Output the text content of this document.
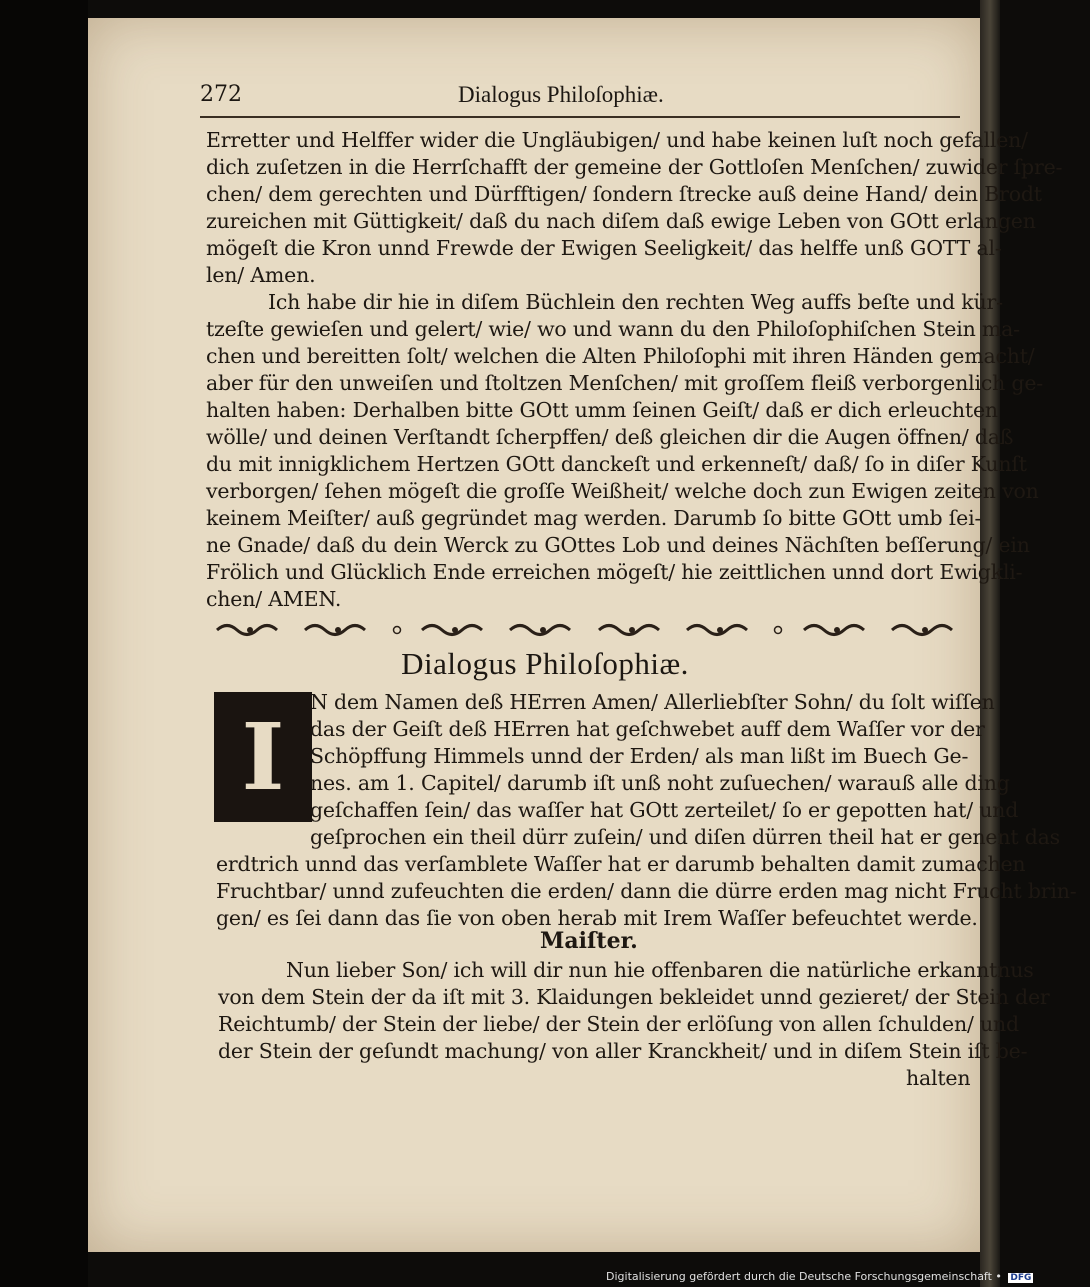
272	Dialogus Philoſophiæ.
Erretter und Helffer wider die Ungläubigen/ und habe keinen luſt noch gefallen/
dich zuſetzen in die Herrſchafft der gemeine der Gottloſen Menſchen/ zuwider ſpre-
chen/ dem gerechten und Dürfftigen/ ſondern ſtrecke auß deine Hand/ dein Brodt
zureichen mit Güttigkeit/ daß du nach diſem daß ewige Leben von GOtt erlangen
mögeſt die Kron unnd Frewde der Ewigen Seeligkeit/ das helffe unß GOTT al-
len/ Amen.
Ich habe dir hie in diſem Büchlein den rechten Weg auffs beſte und kür-
tzeſte gewieſen und gelert/ wie/ wo und wann du den Philoſophiſchen Stein ma-
chen und bereitten ſolt/ welchen die Alten Philoſophi mit ihren Händen gemacht/
aber für den unweiſen und ſtoltzen Menſchen/ mit groſſem fleiß verborgenlich ge-
halten haben: Derhalben bitte GOtt umm ſeinen Geiſt/ daß er dich erleuchten
wölle/ und deinen Verſtandt ſcherpffen/ deß gleichen dir die Augen öffnen/ daß
du mit innigklichem Hertzen GOtt danckeſt und erkenneſt/ daß/ ſo in diſer Kunſt
verborgen/ ſehen mögeſt die groſſe Weißheit/ welche doch zun Ewigen zeiten von
keinem Meiſter/ auß gegründet mag werden. Darumb ſo bitte GOtt umb ſei-
ne Gnade/ daß du dein Werck zu GOttes Lob und deines Nächſten beſſerung/ ein
Frölich und Glücklich Ende erreichen mögeſt/ hie zeittlichen unnd dort Ewigkli-
chen/ AMEN.
Dialogus Philoſophiæ.
I
N dem Namen deß HErren Amen/ Allerliebſter Sohn/ du ſolt wiſſen
das der Geiſt deß HErren hat geſchwebet auff dem Waſſer vor der
Schöpffung Himmels unnd der Erden/ als man lißt im Buech Ge-
nes. am 1. Capitel/ darumb iſt unß noht zuſuechen/ warauß alle ding
geſchaffen ſein/ das waſſer hat GOtt zerteilet/ ſo er gepotten hat/ und
geſprochen ein theil dürr zuſein/ und diſen dürren theil hat er genent das
erdtrich unnd das verſamblete Waſſer hat er darumb behalten damit zumachen
Fruchtbar/ unnd zufeuchten die erden/ dann die dürre erden mag nicht Frucht brin-
gen/ es ſei dann das ſie von oben herab mit Irem Waſſer befeuchtet werde.
Maiſter.
Nun lieber Son/ ich will dir nun hie offenbaren die natürliche erkanntnus
von dem Stein der da iſt mit 3. Klaidungen bekleidet unnd gezieret/ der Stein der
Reichtumb/ der Stein der liebe/ der Stein der erlöſung von allen ſchulden/ und
der Stein der geſundt machung/ von aller Kranckheit/ und in diſem Stein iſt be-
halten
Digitalisierung gefördert durch die Deutsche Forschungsgemeinschaft • DFG
